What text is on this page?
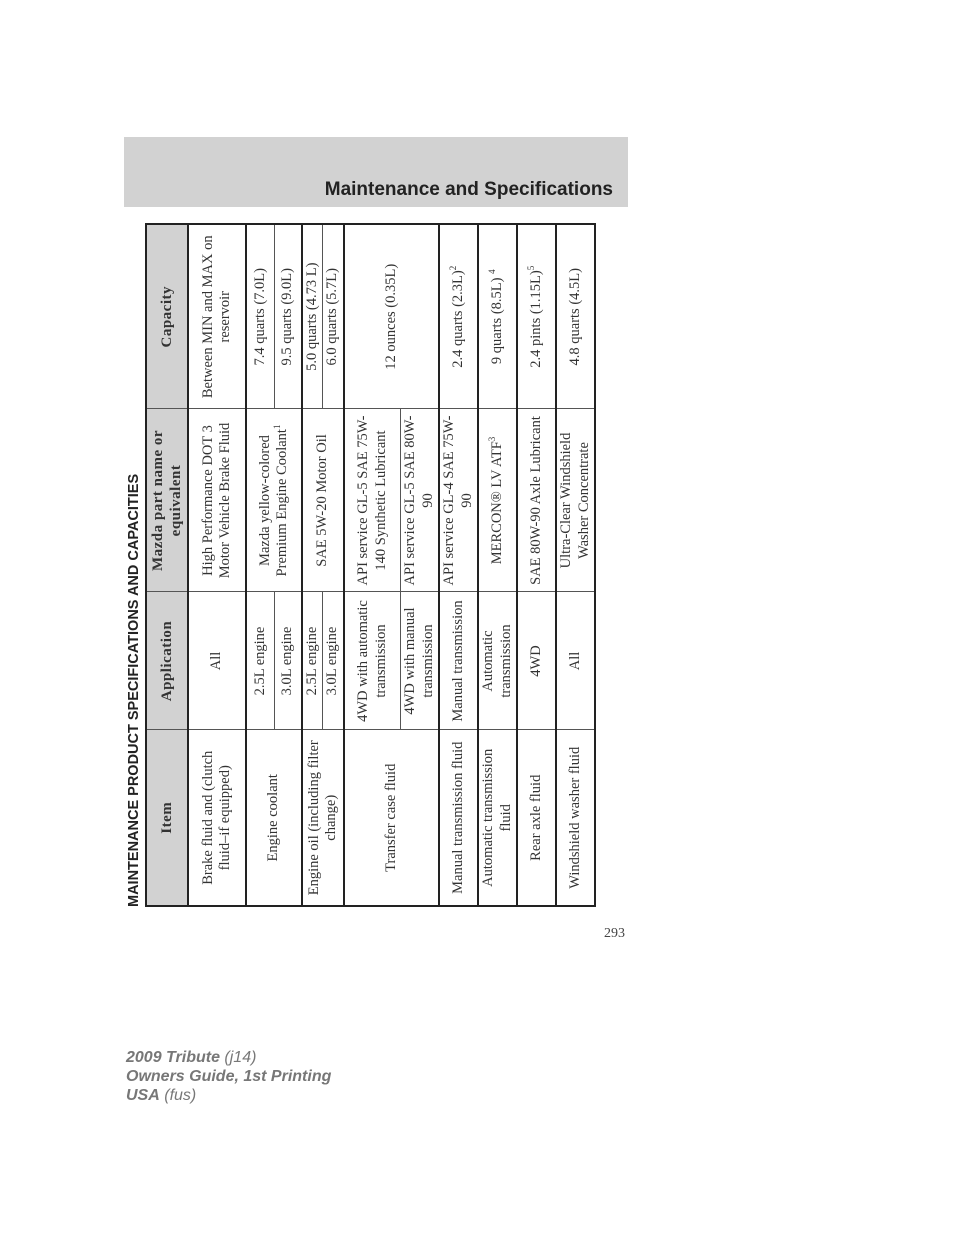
Maintenance and Specifications
MAINTENANCE PRODUCT SPECIFICATIONS AND CAPACITIES Item	Application	Mazda part name or equivalent	Capacity
Brake fluid and (clutch fluid–if equipped)	All	High Performance DOT 3 Motor Vehicle Brake Fluid	Between MIN and MAX on reservoir
Engine coolant	2.5L engine	Mazda yellow-colored Premium Engine Coolant$^1$	7.4 quarts (7.0L)
	3.0L engine		9.5 quarts (9.0L)
Engine oil (including filter change)	2.5L engine	SAE 5W-20 Motor Oil	5.0 quarts (4.73 L)
	3.0L engine		6.0 quarts (5.7L)
Transfer case fluid	4WD with automatic transmission	API service GL-5 SAE 75W-140 Synthetic Lubricant	12 ounces (0.35L)
	4WD with manual transmission	API service GL-5 SAE 80W-90	
Manual transmission fluid	Manual transmission	API service GL-4 SAE 75W-90	2.4 quarts $(2.3L)^2$
Automatic transmission fluid	Automatic transmission	MERCON® LV ATF$^3$	9 quarts (8.5L) $^4$
Rear axle fluid	4WD	SAE 80W-90 Axle Lubricant	2.4 pints $(1.15L)^5$
Windshield washer fluid	All	Ultra-Clear Windshield Washer Concentrate	4.8 quarts (4.5L)
293
2009 Tribute (j14)
Owners Guide, 1st Printing
USA (fus)
